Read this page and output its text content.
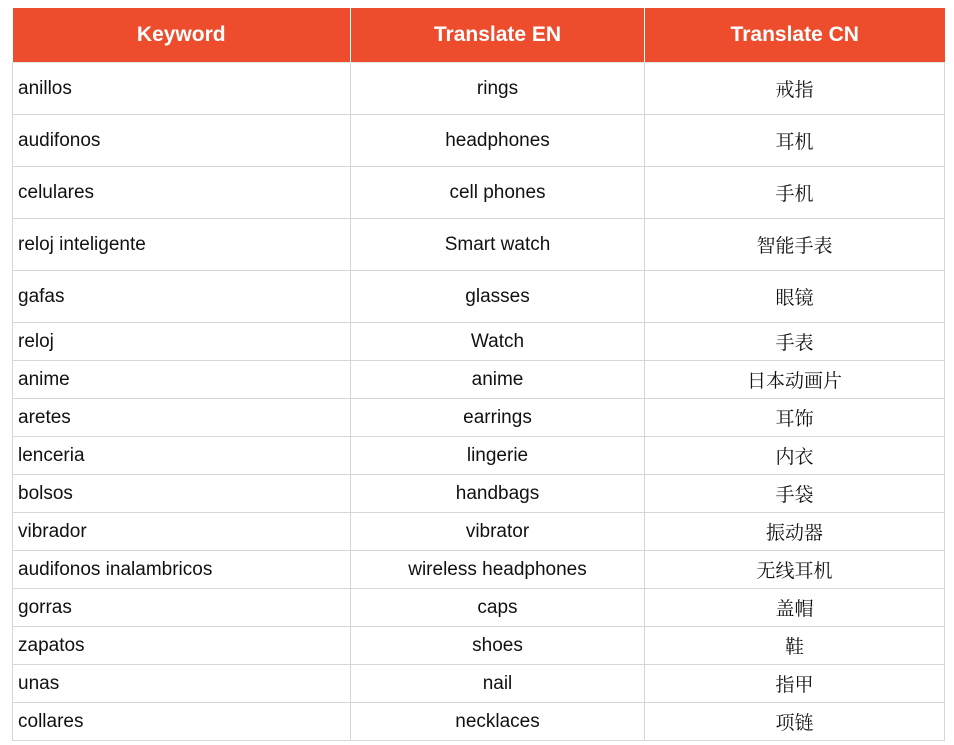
Keyword	Translate EN	Translate CN
anillos	rings	戒指
audifonos	headphones	耳机
celulares	cell phones	手机
reloj inteligente	Smart watch	智能手表
gafas	glasses	眼镜
reloj	Watch	手表
anime	anime	日本动画片
aretes	earrings	耳饰
lenceria	lingerie	内衣
bolsos	handbags	手袋
vibrador	vibrator	振动器
audifonos inalambricos	wireless headphones	无线耳机
gorras	caps	盖帽
zapatos	shoes	鞋
unas	nail	指甲
collares	necklaces	项链
